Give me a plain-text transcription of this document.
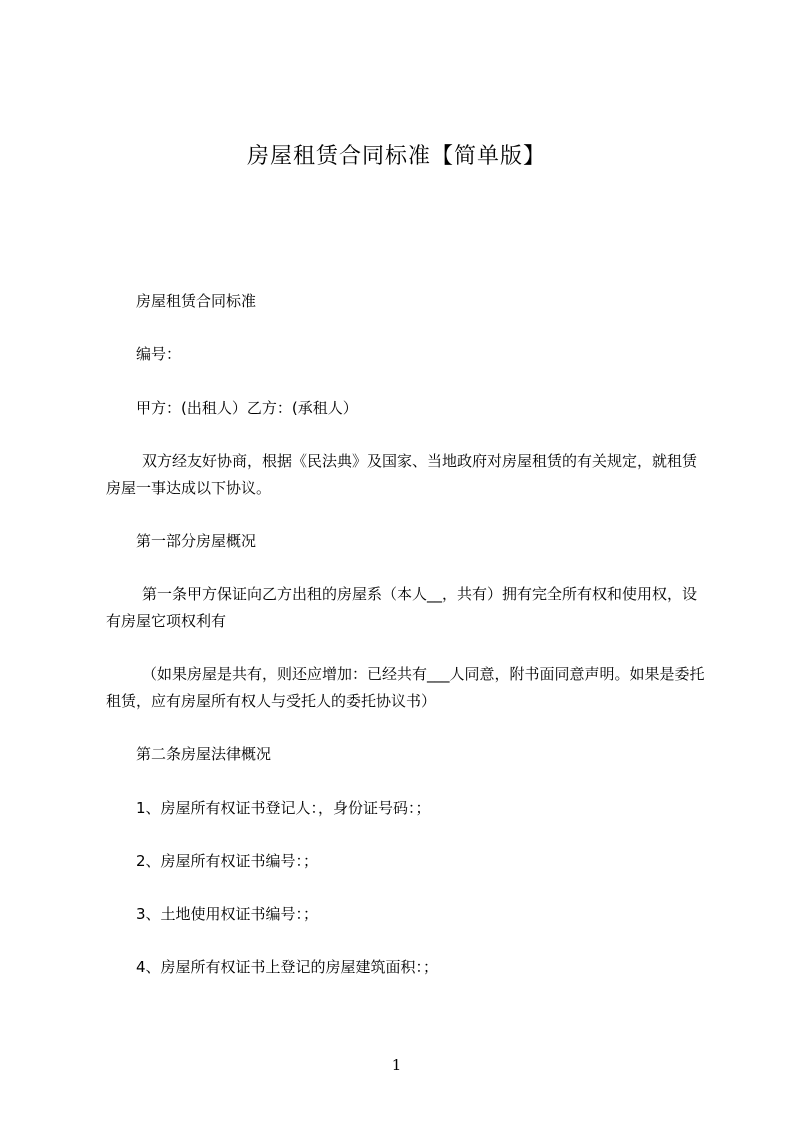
房屋租赁合同标准【简单版】

房屋租赁合同标准

编号：

甲方：(出租人）乙方：(承租人）

双方经友好协商，根据《民法典》及国家、当地政府对房屋租赁的有关规定，就租赁房屋一事达成以下协议。

第一部分房屋概况

第一条甲方保证向乙方出租的房屋系（本人__，共有）拥有完全所有权和使用权，设有房屋它项权利有

（如果房屋是共有，则还应增加：已经共有___人同意，附书面同意声明。如果是委托租赁，应有房屋所有权人与受托人的委托协议书）

第二条房屋法律概况

1、房屋所有权证书登记人：，身份证号码：；

2、房屋所有权证书编号：；

3、土地使用权证书编号：；

4、房屋所有权证书上登记的房屋建筑面积：；

1
